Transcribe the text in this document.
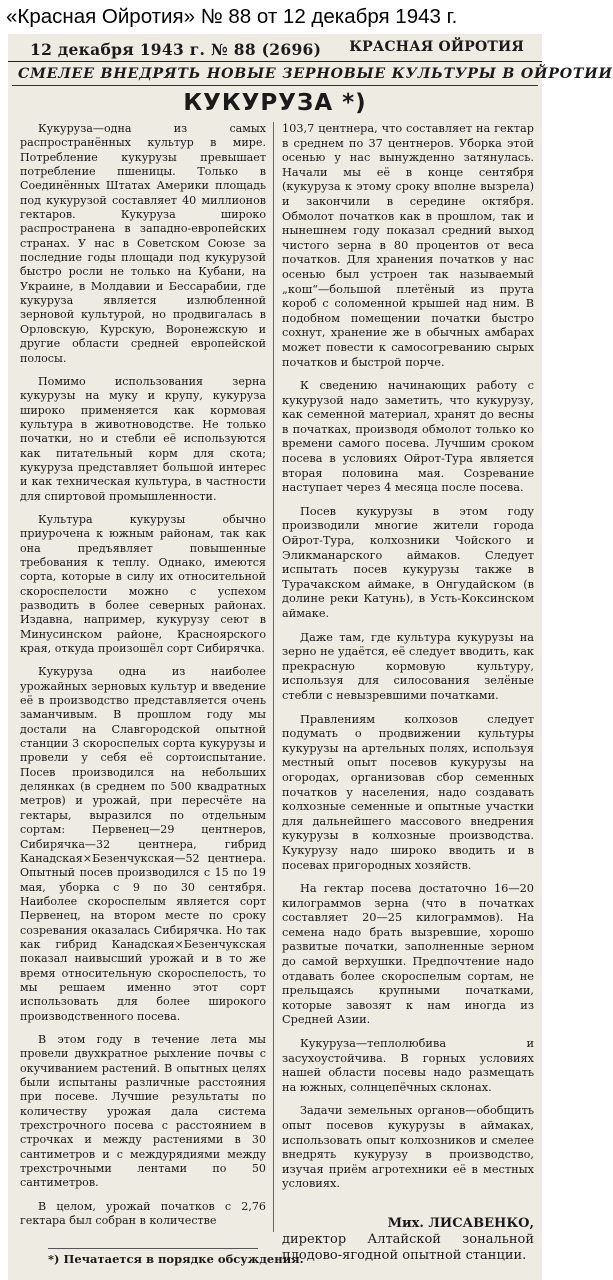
«Красная Ойротия» № 88 от 12 декабря 1943 г.
12 декабря 1943 г. № 88 (2696) КРАСНАЯ ОЙРОТИЯ
СМЕЛЕЕ ВНЕДРЯТЬ НОВЫЕ ЗЕРНОВЫЕ КУЛЬТУРЫ В ОЙРОТИИ
КУКУРУЗА *)

Кукуруза—одна из самых распространённых культур в мире. Потребление кукурузы превышает потребление пшеницы. Только в Соединённых Штатах Америки площадь под кукурузой составляет 40 миллионов гектаров. Кукуруза широко распространена в западно-европейских странах. У нас в Советском Союзе за последние годы площади под кукурузой быстро росли не только на Кубани, на Украине, в Молдавии и Бессарабии, где кукуруза является излюбленной зерновой культурой, но продвигалась в Орловскую, Курскую, Воронежскую и другие области средней европейской полосы.

Помимо использования зерна кукурузы на муку и крупу, кукуруза широко применяется как кормовая культура в животноводстве. Не только початки, но и стебли её используются как питательный корм для скота; кукуруза представляет большой интерес и как техническая культура, в частности для спиртовой промышленности.

Культура кукурузы обычно приурочена к южным районам, так как она предъявляет повышенные требования к теплу. Однако, имеются сорта, которые в силу их относительной скороспелости можно с успехом разводить в более северных районах. Издавна, например, кукурузу сеют в Минусинском районе, Красноярского края, откуда произошёл сорт Сибирячка.

Кукуруза одна из наиболее урожайных зерновых культур и введение её в производство представляется очень заманчивым. В прошлом году мы достали на Славгородской опытной станции 3 скороспелых сорта кукурузы и провели у себя её сортоиспытание. Посев производился на небольших делянках (в среднем по 500 квадратных метров) и урожай, при пересчёте на гектары, выразился по отдельным сортам: Первенец—29 центнеров, Сибирячка—32 центнера, гибрид Канадская×Безенчукская—52 центнера. Опытный посев производился с 15 по 19 мая, уборка с 9 по 30 сентября. Наиболее скороспелым является сорт Первенец, на втором месте по сроку созревания оказалась Сибирячка. Но так как гибрид Канадская×Безенчукская показал наивысший урожай и в то же время относительную скороспелость, то мы решаем именно этот сорт использовать для более широкого производственного посева.

В этом году в течение лета мы провели двухкратное рыхление почвы с окучиванием растений. В опытных целях были испытаны различные расстояния при посеве. Лучшие результаты по количеству урожая дала система трехстрочного посева с расстоянием в строчках и между растениями в 30 сантиметров и с междурядиями между трехстрочными лентами по 50 сантиметров.

В целом, урожай початков с 2,76 гектара был собран в количестве

103,7 центнера, что составляет на гектар в среднем по 37 центнеров. Уборка этой осенью у нас вынужденно затянулась. Начали мы её в конце сентября (кукуруза к этому сроку вполне вызрела) и закончили в середине октября. Обмолот початков как в прошлом, так и нынешнем году показал средний выход чистого зерна в 80 процентов от веса початков. Для хранения початков у нас осенью был устроен так называемый „кош“—большой плетёный из прута короб с соломенной крышей над ним. В подобном помещении початки быстро сохнут, хранение же в обычных амбарах может повести к самосогреванию сырых початков и быстрой порче.

К сведению начинающих работу с кукурузой надо заметить, что кукурузу, как семенной материал, хранят до весны в початках, производя обмолот только ко времени самого посева. Лучшим сроком посева в условиях Ойрот-Тура является вторая половина мая. Созревание наступает через 4 месяца после посева.

Посев кукурузы в этом году производили многие жители города Ойрот-Тура, колхозники Чойского и Эликманарского аймаков. Следует испытать посев кукурузы также в Турачакском аймаке, в Онгудайском (в долине реки Катунь), в Усть-Коксинском аймаке.

Даже там, где культура кукурузы на зерно не удаётся, её следует вводить, как прекрасную кормовую культуру, используя для силосования зелёные стебли с невызревшими початками.

Правлениям колхозов следует подумать о продвижении культуры кукурузы на артельных полях, используя местный опыт посевов кукурузы на огородах, организовав сбор семенных початков у населения, надо создавать колхозные семенные и опытные участки для дальнейшего массового внедрения кукурузы в колхозные производства. Кукурузу надо широко вводить и в посевах пригородных хозяйств.

На гектар посева достаточно 16—20 килограммов зерна (что в початках составляет 20—25 килограммов). На семена надо брать вызревшие, хорошо развитые початки, заполненные зерном до самой верхушки. Предпочтение надо отдавать более скороспелым сортам, не прельщаясь крупными початками, которые завозят к нам иногда из Средней Азии.

Кукуруза—теплолюбива и засухоустойчива. В горных условиях нашей области посевы надо размещать на южных, солнцепёчных склонах.

Задачи земельных органов—обобщить опыт посевов кукурузы в аймаках, использовать опыт колхозников и смелее внедрять кукурузу в производство, изучая приём агротехники её в местных условиях.

Мих. ЛИСАВЕНКО,
директор Алтайской зональной плодово-ягодной опытной станции.
*) Печатается в порядке обсуждения.
